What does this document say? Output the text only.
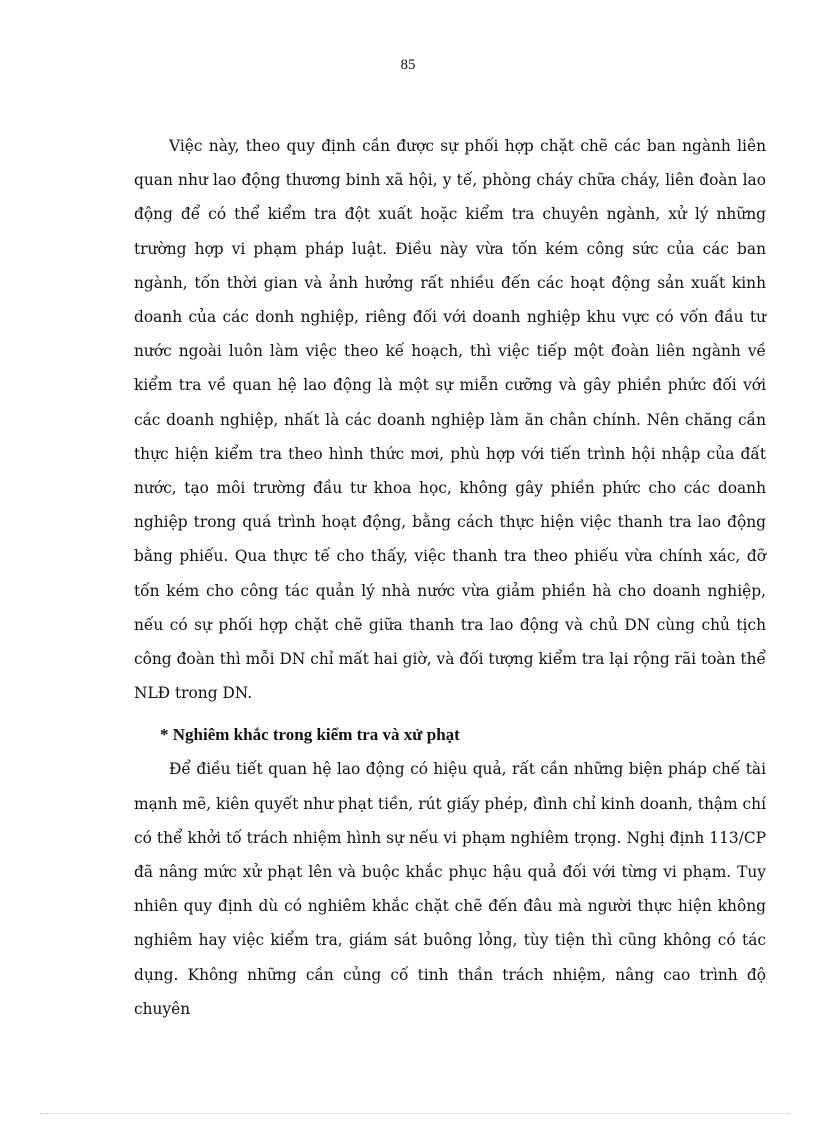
85

Việc này, theo quy định cần được sự phối hợp chặt chẽ các ban ngành liên quan như lao động thương binh xã hội, y tế, phòng cháy chữa cháy, liên đoàn lao động để có thể kiểm tra đột xuất hoặc kiểm tra chuyên ngành, xử lý những trường hợp vi phạm pháp luật. Điều này vừa tốn kém công sức của các ban ngành, tốn thời gian và ảnh hưởng rất nhiều đến các hoạt động sản xuất kinh doanh của các donh nghiệp, riêng đối với doanh nghiệp khu vực có vốn đầu tư nước ngoài luôn làm việc theo kế hoạch, thì việc tiếp một đoàn liên ngành về kiểm tra về quan hệ lao động là một sự miễn cưỡng và gây phiền phức đối với các doanh nghiệp, nhất là các doanh nghiệp làm ăn chân chính. Nên chăng cần thực hiện kiểm tra theo hình thức mơi, phù hợp với tiến trình hội nhập của đất nước, tạo môi trường đầu tư khoa học, không gây phiền phức cho các doanh nghiệp trong quá trình hoạt động, bằng cách thực hiện việc thanh tra lao động bằng phiếu. Qua thực tế cho thấy, việc thanh tra theo phiếu vừa chính xác, đỡ tốn kém cho công tác quản lý nhà nước vừa giảm phiền hà cho doanh nghiệp, nếu có sự phối hợp chặt chẽ giữa thanh tra lao động và chủ DN cùng chủ tịch công đoàn thì mỗi DN chỉ mất hai giờ, và đối tượng kiểm tra lại rộng rãi toàn thể NLĐ trong DN.

* Nghiêm khắc trong kiểm tra và xử phạt

Để điều tiết quan hệ lao động có hiệu quả, rất cần những biện pháp chế tài mạnh mẽ, kiên quyết như phạt tiền, rút giấy phép, đình chỉ kinh doanh, thậm chí có thể khởi tố trách nhiệm hình sự nếu vi phạm nghiêm trọng. Nghị định 113/CP đã nâng mức xử phạt lên và buộc khắc phục hậu quả đối với từng vi phạm. Tuy nhiên quy định dù có nghiêm khắc chặt chẽ đến đâu mà người thực hiện không nghiêm hay việc kiểm tra, giám sát buông lỏng, tùy tiện thì cũng không có tác dụng. Không những cần củng cố tinh thần trách nhiệm, nâng cao trình độ chuyên
